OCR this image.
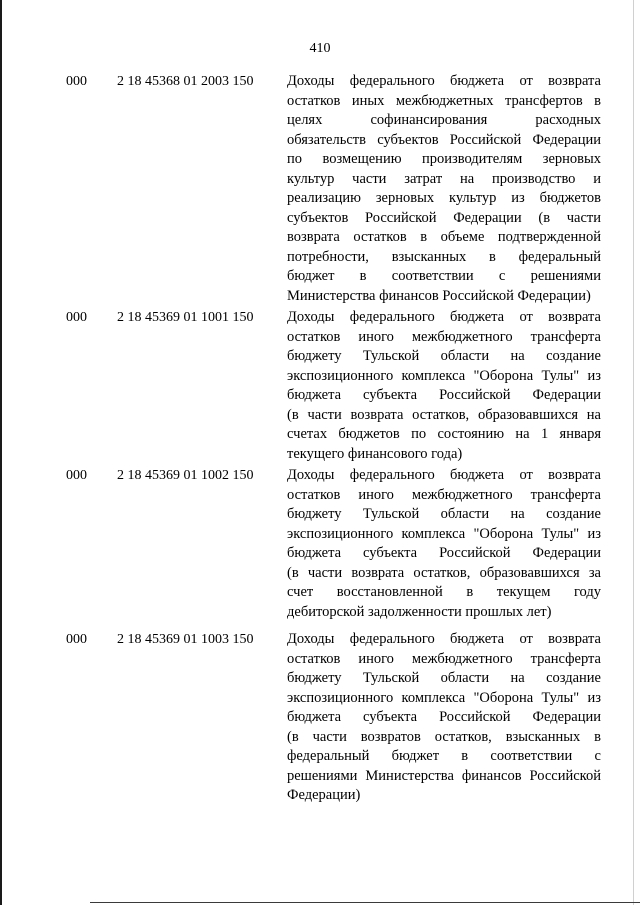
410
000 2 18 45368 01 2003 150 Доходы федерального бюджета от возврата
остатков иных межбюджетных трансфертов в
целях софинансирования расходных
обязательств субъектов Российской Федерации
по возмещению производителям зерновых
культур части затрат на производство и
реализацию зерновых культур из бюджетов
субъектов Российской Федерации (в части
возврата остатков в объеме подтвержденной
потребности, взысканных в федеральный
бюджет в соответствии с решениями
Министерства финансов Российской Федерации)
000 2 18 45369 01 1001 150 Доходы федерального бюджета от возврата
остатков иного межбюджетного трансферта
бюджету Тульской области на создание
экспозиционного комплекса "Оборона Тулы" из
бюджета субъекта Российской Федерации
(в части возврата остатков, образовавшихся на
счетах бюджетов по состоянию на 1 января
текущего финансового года)
000 2 18 45369 01 1002 150 Доходы федерального бюджета от возврата
остатков иного межбюджетного трансферта
бюджету Тульской области на создание
экспозиционного комплекса "Оборона Тулы" из
бюджета субъекта Российской Федерации
(в части возврата остатков, образовавшихся за
счет восстановленной в текущем году
дебиторской задолженности прошлых лет)
000 2 18 45369 01 1003 150 Доходы федерального бюджета от возврата
остатков иного межбюджетного трансферта
бюджету Тульской области на создание
экспозиционного комплекса "Оборона Тулы" из
бюджета субъекта Российской Федерации
(в части возвратов остатков, взысканных в
федеральный бюджет в соответствии с
решениями Министерства финансов Российской
Федерации)
